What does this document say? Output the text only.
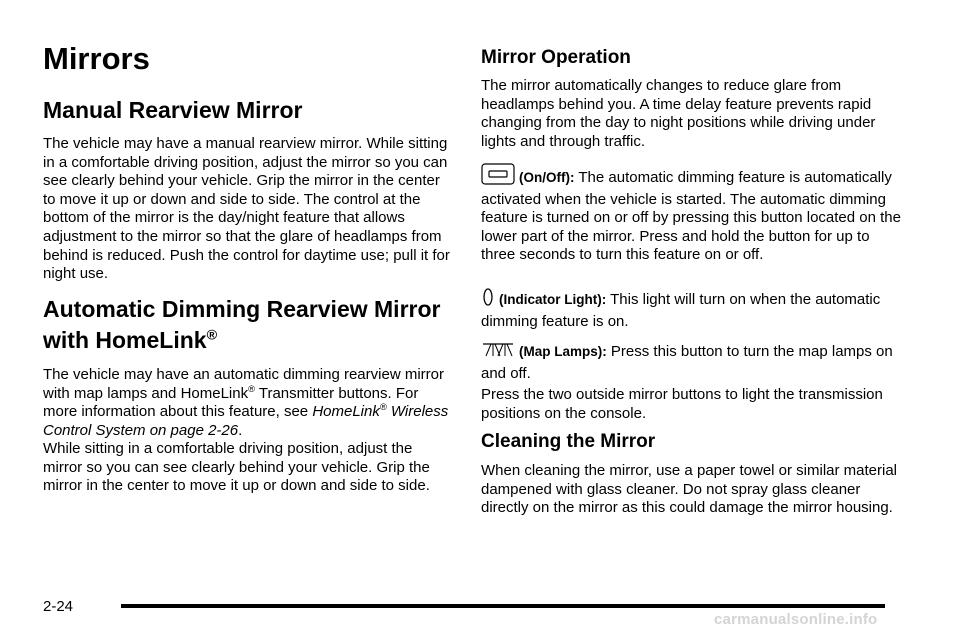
Mirrors
Manual Rearview Mirror

The vehicle may have a manual rearview mirror. While sitting in a comfortable driving position, adjust the mirror so you can see clearly behind your vehicle. Grip the mirror in the center to move it up or down and side to side. The control at the bottom of the mirror is the day/night feature that allows adjustment to the mirror so that the glare of headlamps from behind is reduced. Push the control for daytime use; pull it for night use.

Automatic Dimming Rearview Mirror
with HomeLink®

The vehicle may have an automatic dimming rearview mirror with map lamps and HomeLink® Transmitter buttons. For more information about this feature, see HomeLink® Wireless Control System on page 2-26.

While sitting in a comfortable driving position, adjust the mirror so you can see clearly behind your vehicle. Grip the mirror in the center to move it up or down and side to side.

Mirror Operation

The mirror automatically changes to reduce glare from headlamps behind you. A time delay feature prevents rapid changing from the day to night positions while driving under lights and through traffic.

(On/Off): The automatic dimming feature is automatically activated when the vehicle is started. The automatic dimming feature is turned on or off by pressing this button located on the lower part of the mirror. Press and hold the button for up to three seconds to turn this feature on or off.

(Indicator Light): This light will turn on when the automatic dimming feature is on.

(Map Lamps): Press this button to turn the map lamps on and off.

Press the two outside mirror buttons to light the transmission positions on the console.

Cleaning the Mirror

When cleaning the mirror, use a paper towel or similar material dampened with glass cleaner. Do not spray glass cleaner directly on the mirror as this could damage the mirror housing.

2-24
carmanualsonline.info
